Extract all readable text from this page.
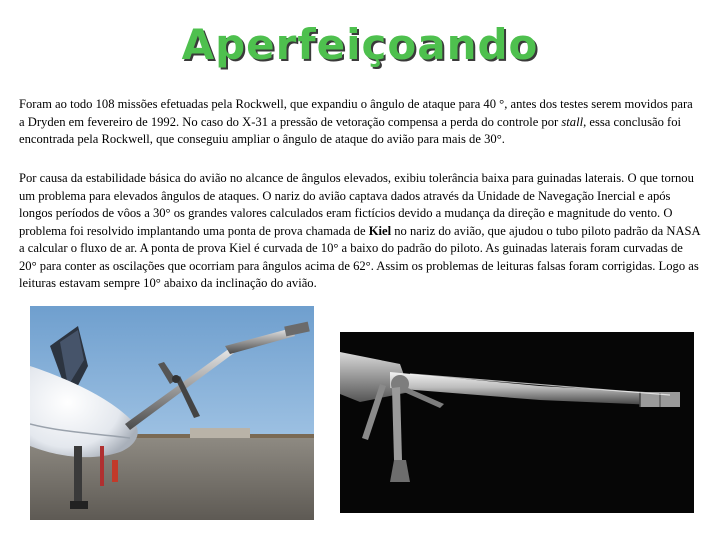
Aperfeiçoando

Foram ao todo 108 missões efetuadas pela Rockwell, que expandiu o ângulo de ataque para 40 °, antes dos testes serem movidos para a Dryden em fevereiro de 1992. No caso do X-31 a pressão de vetoração compensa a perda do controle por stall, essa conclusão foi encontrada pela Rockwell, que conseguiu ampliar o ângulo de ataque do avião para mais de 30°.

Por causa da estabilidade básica do avião no alcance de ângulos elevados, exibiu tolerância baixa para guinadas laterais. O que tornou um problema para elevados ângulos de ataques. O nariz do avião captava dados através da Unidade de Navegação Inercial e após longos períodos de vôos a 30° os grandes valores calculados eram fictícios devido a mudança da direção e magnitude do vento. O problema foi resolvido implantando uma ponta de prova chamada de Kiel no nariz do avião, que ajudou o tubo piloto padrão da NASA a calcular o fluxo de ar. A ponta de prova Kiel é curvada de 10° a baixo do padrão do piloto. As guinadas laterais foram curvadas de 20° para conter as oscilações que ocorriam para ângulos acima de 62°. Assim os problemas de leituras falsas foram corrigidas. Logo as leituras estavam sempre 10° abaixo da inclinação do avião.
